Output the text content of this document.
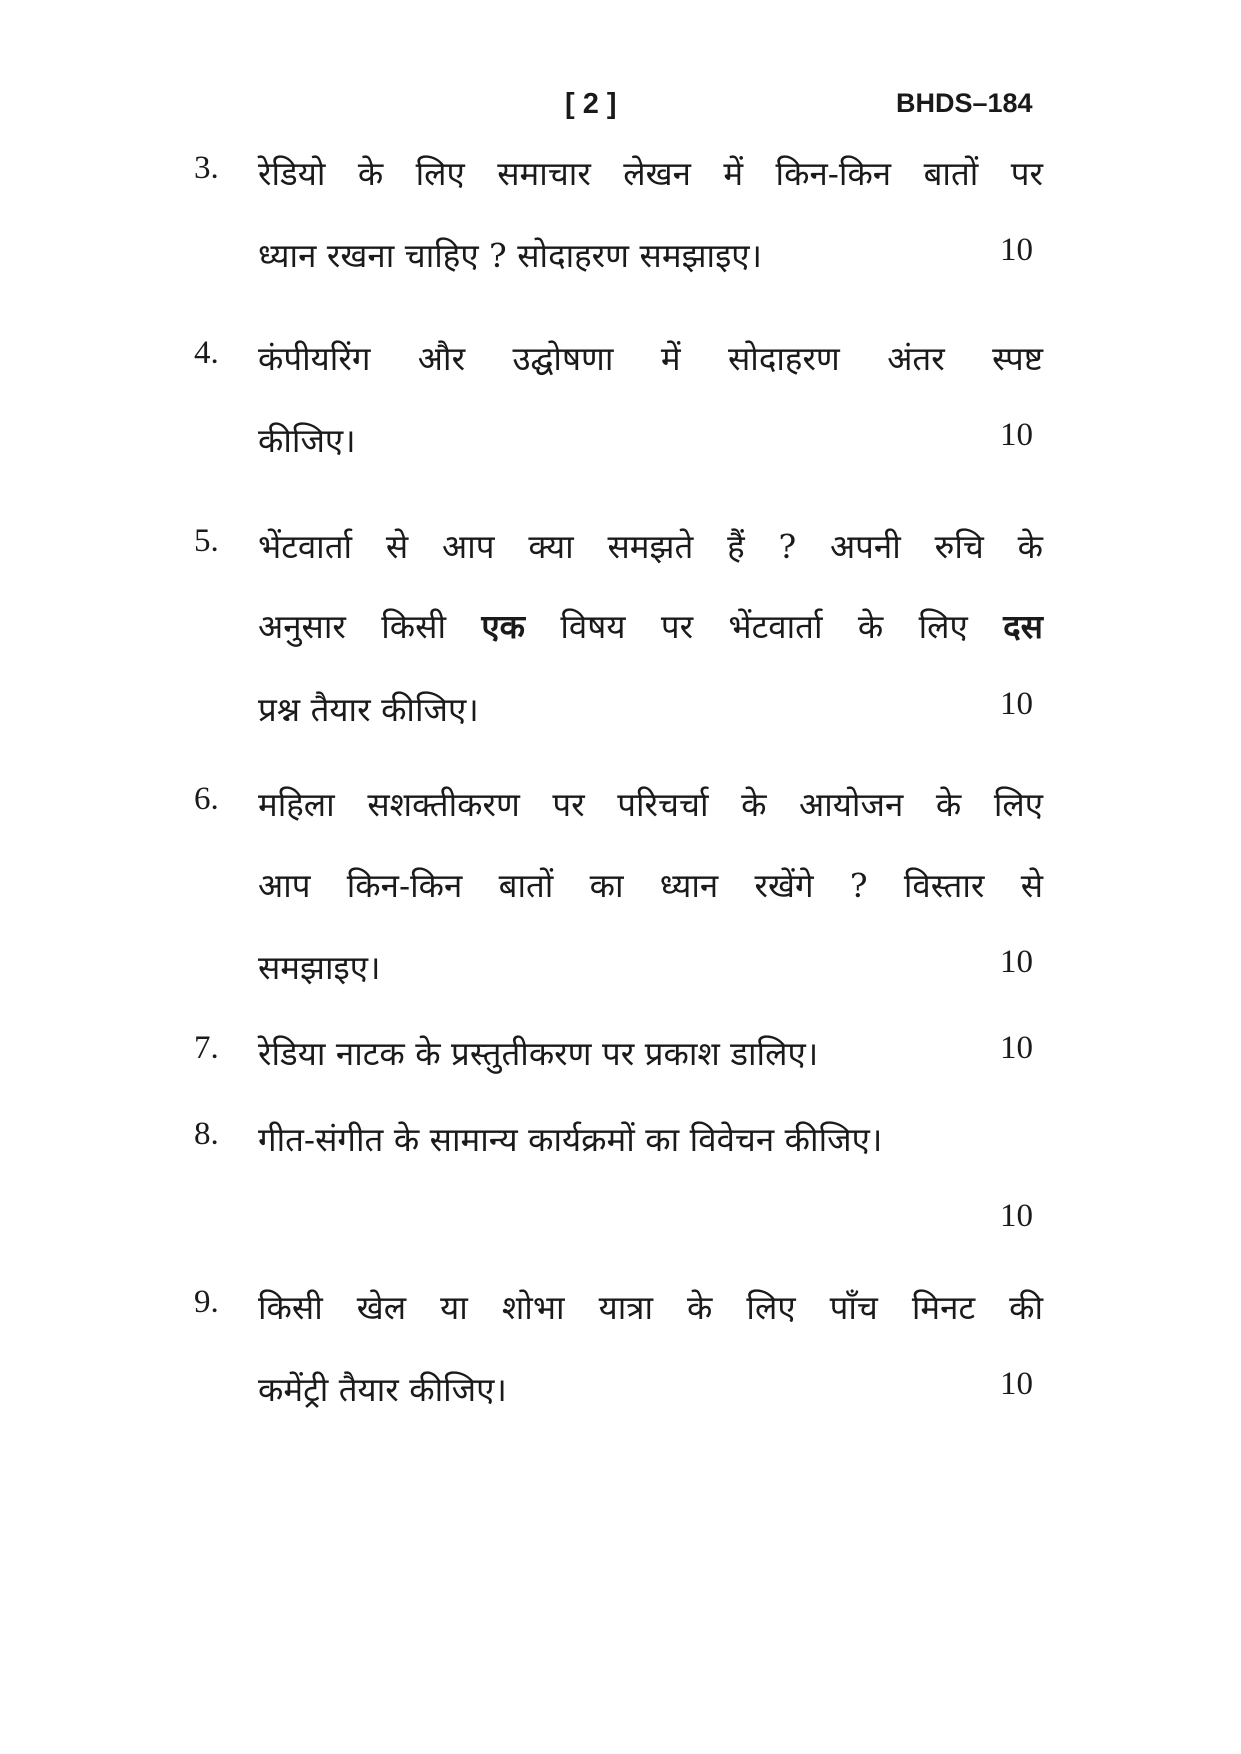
[ 2 ]	BHDS–184
3. रेडियो के लिए समाचार लेखन में किन-किन बातों पर
ध्यान रखना चाहिए ? सोदाहरण समझाइए।	10
4. कंपीयरिंग और उद्घोषणा में सोदाहरण अंतर स्पष्ट
कीजिए।	10
5. भेंटवार्ता से आप क्या समझते हैं ? अपनी रुचि के
अनुसार किसी एक विषय पर भेंटवार्ता के लिए दस
प्रश्न तैयार कीजिए।	10
6. महिला सशक्तीकरण पर परिचर्चा के आयोजन के लिए
आप किन-किन बातों का ध्यान रखेंगे ? विस्तार से
समझाइए।	10
7. रेडिया नाटक के प्रस्तुतीकरण पर प्रकाश डालिए।	10
8. गीत-संगीत के सामान्य कार्यक्रमों का विवेचन कीजिए।
10
9. किसी खेल या शोभा यात्रा के लिए पाँच मिनट की
कमेंट्री तैयार कीजिए।	10
